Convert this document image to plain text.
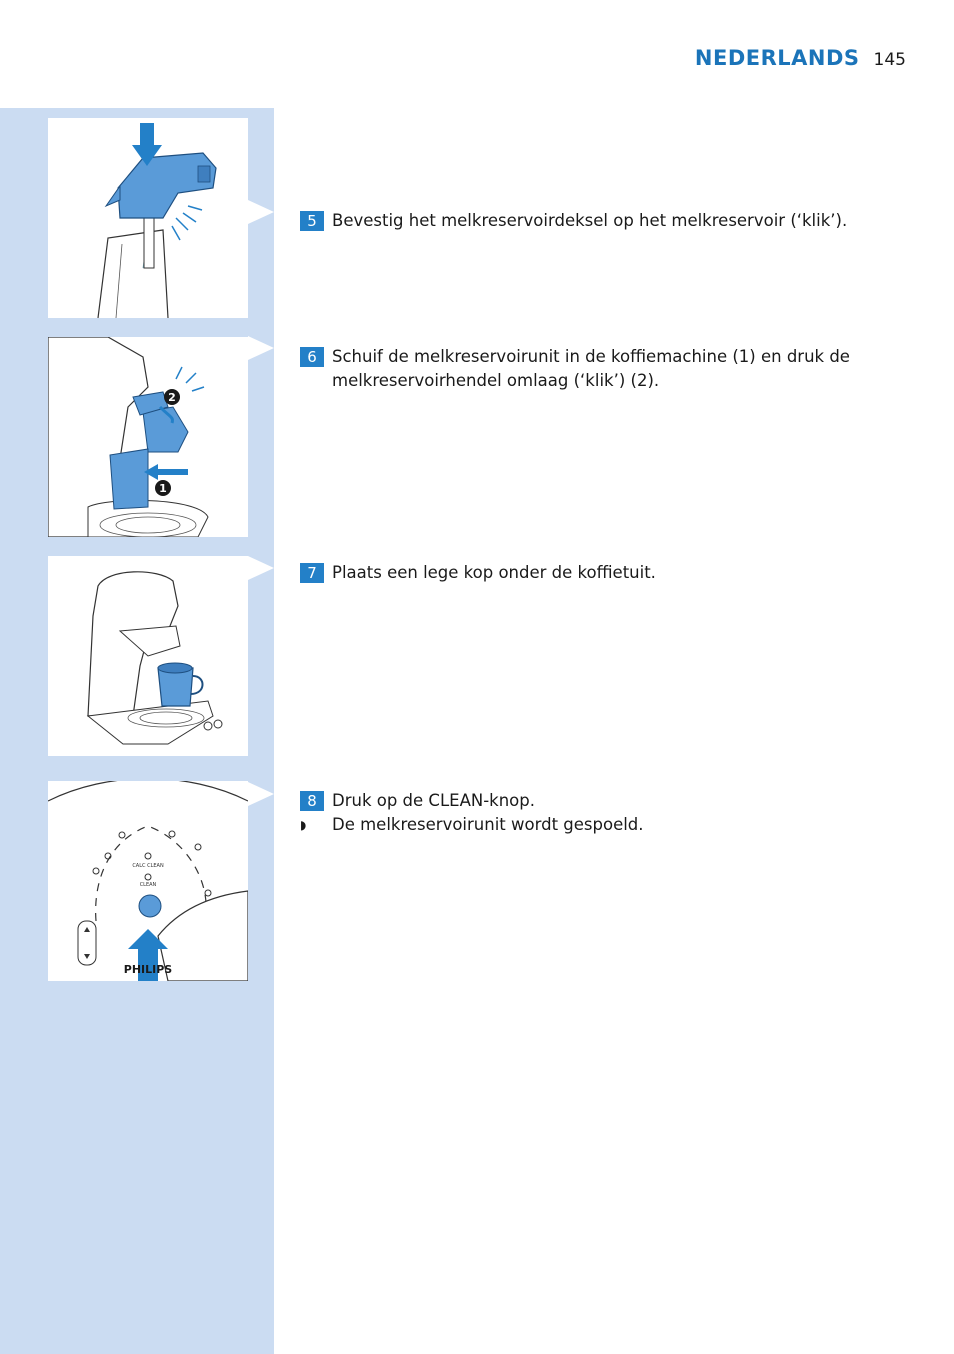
NEDERLANDS 145
1
2
CALC CLEAN
CLEAN
PHILIPS
5 Bevestig het melkreservoirdeksel op het melkreservoir (‘klik’).
6 Schuif de melkreservoirunit in de koffiemachine (1) en druk de melkreservoirhendel omlaag (‘klik’) (2).
7 Plaats een lege kop onder de koffietuit.
8 Druk op de CLEAN-knop.
◗	De melkreservoirunit wordt gespoeld.
